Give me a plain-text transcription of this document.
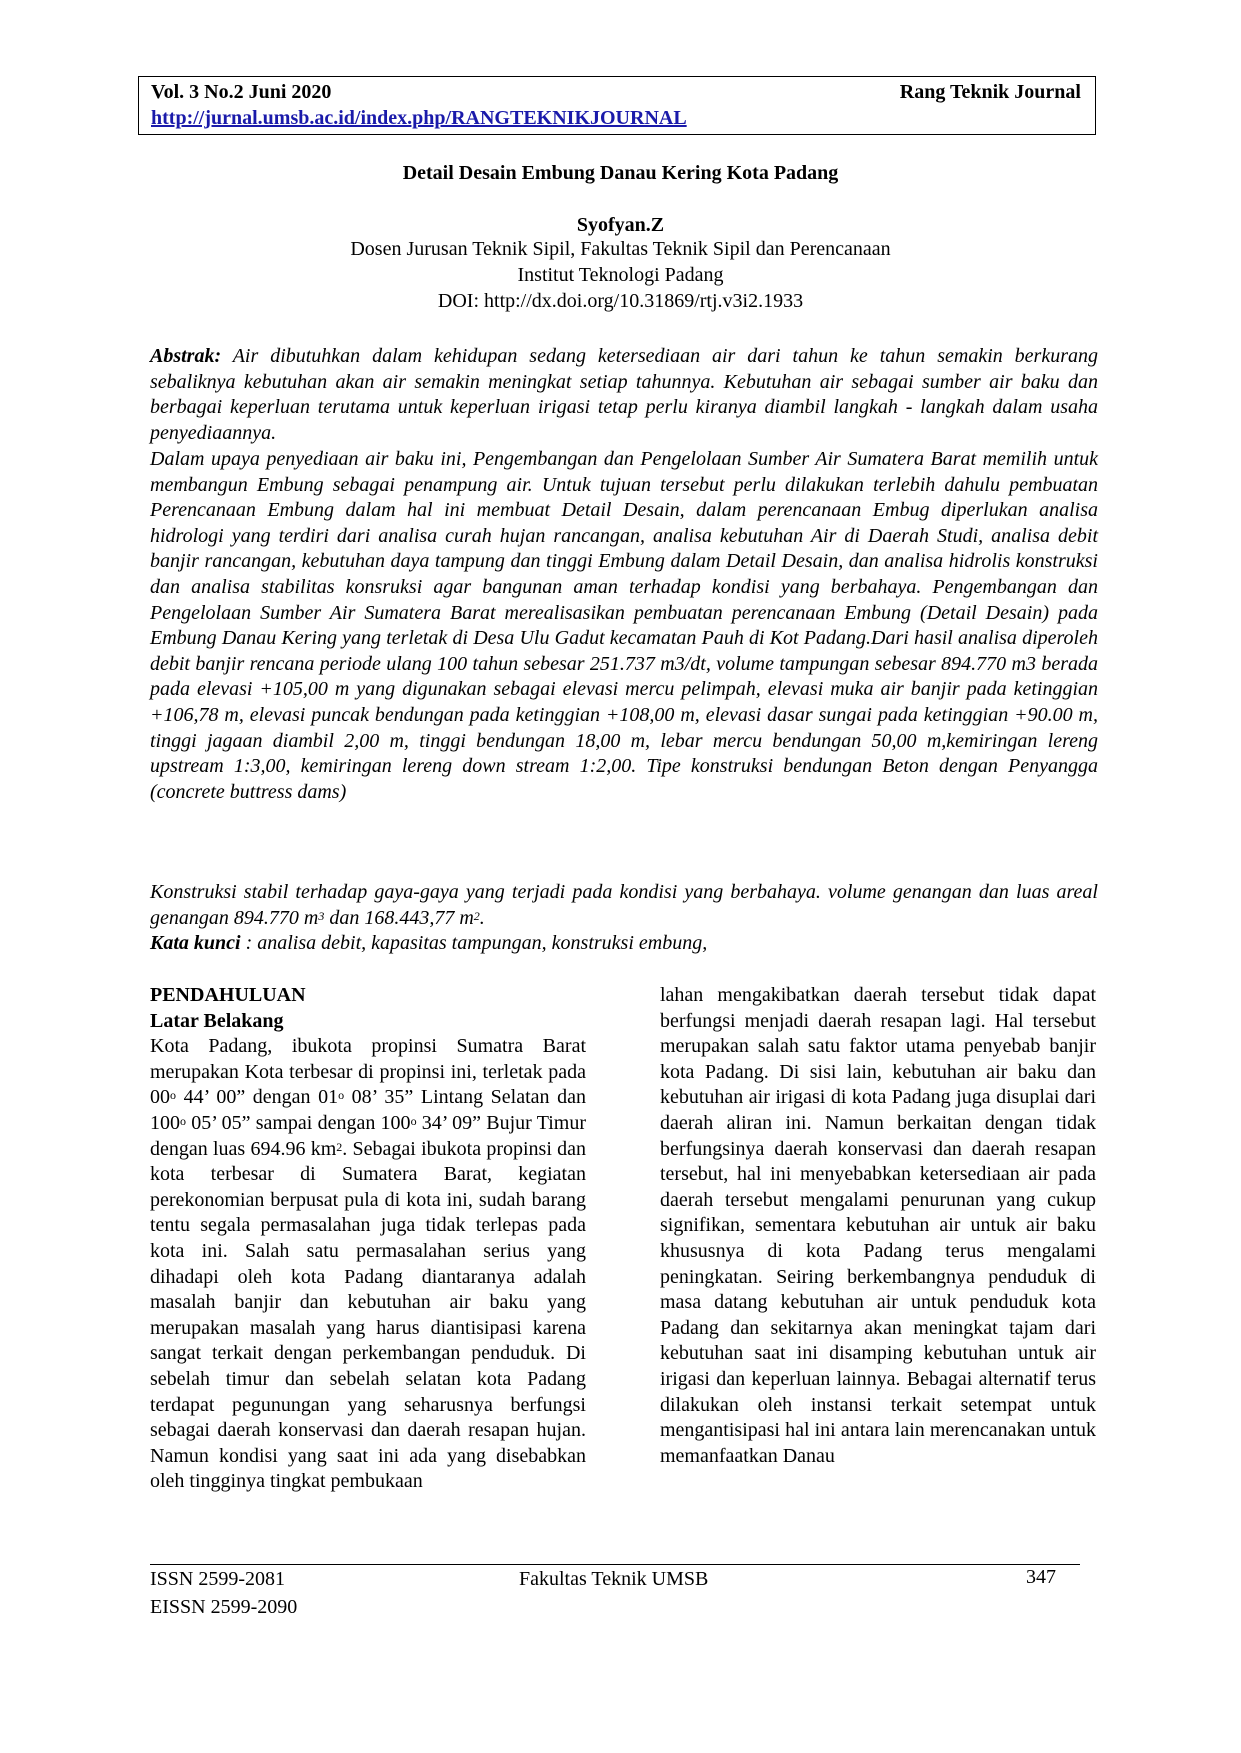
Vol. 3 No.2 Juni 2020	Rang Teknik Journal
http://jurnal.umsb.ac.id/index.php/RANGTEKNIKJOURNAL
Detail Desain Embung Danau Kering Kota Padang
Syofyan.Z
Dosen Jurusan Teknik Sipil, Fakultas Teknik Sipil dan Perencanaan
Institut Teknologi Padang
DOI: http://dx.doi.org/10.31869/rtj.v3i2.1933

Abstrak: Air dibutuhkan dalam kehidupan sedang ketersediaan air dari tahun ke tahun semakin berkurang sebaliknya kebutuhan akan air semakin meningkat setiap tahunnya. Kebutuhan air sebagai sumber air baku dan berbagai keperluan terutama untuk keperluan irigasi tetap perlu kiranya diambil langkah - langkah dalam usaha penyediaannya.

Dalam upaya penyediaan air baku ini, Pengembangan dan Pengelolaan Sumber Air Sumatera Barat memilih untuk membangun Embung sebagai penampung air. Untuk tujuan tersebut perlu dilakukan terlebih dahulu pembuatan Perencanaan Embung dalam hal ini membuat Detail Desain, dalam perencanaan Embug diperlukan analisa hidrologi yang terdiri dari analisa curah hujan rancangan, analisa kebutuhan Air di Daerah Studi, analisa debit banjir rancangan, kebutuhan daya tampung dan tinggi Embung dalam Detail Desain, dan analisa hidrolis konstruksi dan analisa stabilitas konsruksi agar bangunan aman terhadap kondisi yang berbahaya. Pengembangan dan Pengelolaan Sumber Air Sumatera Barat merealisasikan pembuatan perencanaan Embung (Detail Desain) pada Embung Danau Kering yang terletak di Desa Ulu Gadut kecamatan Pauh di Kot Padang.Dari hasil analisa diperoleh debit banjir rencana periode ulang 100 tahun sebesar 251.737 m3/dt, volume tampungan sebesar 894.770 m3 berada pada elevasi +105,00 m yang digunakan sebagai elevasi mercu pelimpah, elevasi muka air banjir pada ketinggian +106,78 m, elevasi puncak bendungan pada ketinggian +108,00 m, elevasi dasar sungai pada ketinggian +90.00 m, tinggi jagaan diambil 2,00 m, tinggi bendungan 18,00 m, lebar mercu bendungan 50,00 m,kemiringan lereng upstream 1:3,00, kemiringan lereng down stream 1:2,00. Tipe konstruksi bendungan Beton dengan Penyangga (concrete buttress dams)

Konstruksi stabil terhadap gaya-gaya yang terjadi pada kondisi yang berbahaya. volume genangan dan luas areal genangan 894.770 $m^3$ dan 168.443,77 $m^2$.

Kata kunci : analisa debit, kapasitas tampungan, konstruksi embung,

PENDAHULUAN

Latar Belakang

Kota Padang, ibukota propinsi Sumatra Barat merupakan Kota terbesar di propinsi ini, terletak pada 00$^o$ 44’ 00” dengan 01$^o$ 08’ 35” Lintang Selatan dan 100$^o$ 05’ 05” sampai dengan 100$^o$ 34’ 09” Bujur Timur dengan luas 694.96 $km^2$. Sebagai ibukota propinsi dan kota terbesar di Sumatera Barat, kegiatan perekonomian berpusat pula di kota ini, sudah barang tentu segala permasalahan juga tidak terlepas pada kota ini. Salah satu permasalahan serius yang dihadapi oleh kota Padang diantaranya adalah masalah banjir dan kebutuhan air baku yang merupakan masalah yang harus diantisipasi karena sangat terkait dengan perkembangan penduduk. Di sebelah timur dan sebelah selatan kota Padang terdapat pegunungan yang seharusnya berfungsi sebagai daerah konservasi dan daerah resapan hujan. Namun kondisi yang saat ini ada yang disebabkan oleh tingginya tingkat pembukaan

lahan mengakibatkan daerah tersebut tidak dapat berfungsi menjadi daerah resapan lagi. Hal tersebut merupakan salah satu faktor utama penyebab banjir kota Padang. Di sisi lain, kebutuhan air baku dan kebutuhan air irigasi di kota Padang juga disuplai dari daerah aliran ini. Namun berkaitan dengan tidak berfungsinya daerah konservasi dan daerah resapan tersebut, hal ini menyebabkan ketersediaan air pada daerah tersebut mengalami penurunan yang cukup signifikan, sementara kebutuhan air untuk air baku khususnya di kota Padang terus mengalami peningkatan. Seiring berkembangnya penduduk di masa datang kebutuhan air untuk penduduk kota Padang dan sekitarnya akan meningkat tajam dari kebutuhan saat ini disamping kebutuhan untuk air irigasi dan keperluan lainnya. Bebagai alternatif terus dilakukan oleh instansi terkait setempat untuk mengantisipasi hal ini antara lain merencanakan untuk memanfaatkan Danau

ISSN 2599-2081
EISSN 2599-2090
Fakultas Teknik UMSB	347
